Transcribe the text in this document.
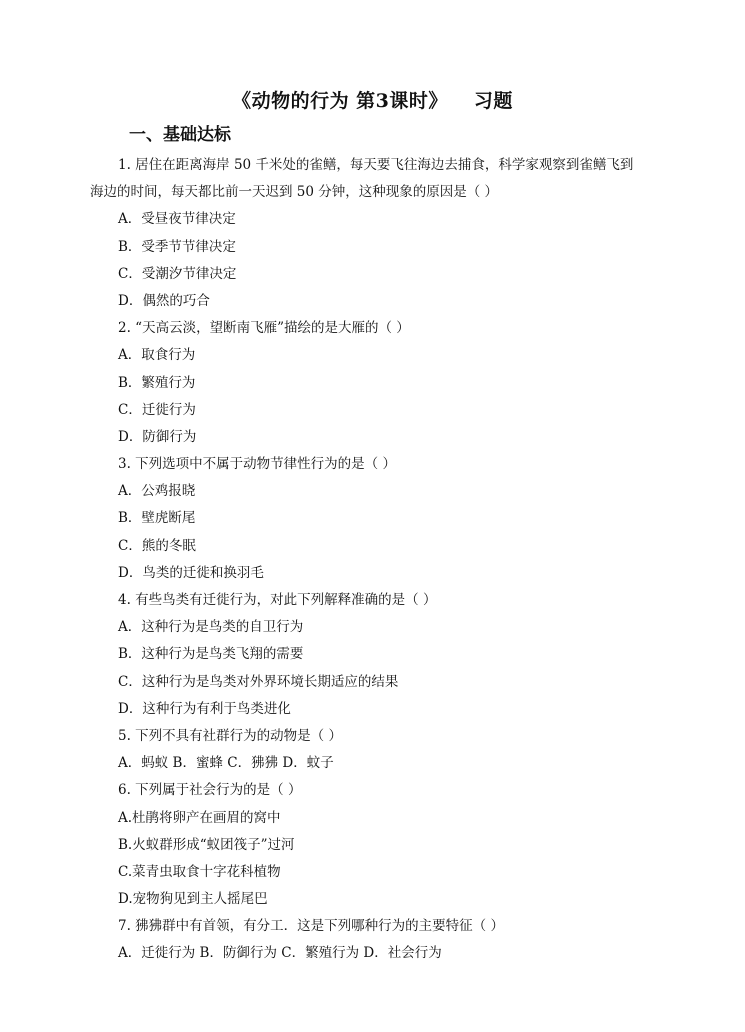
《动物的行为 第3课时》 习题
一、基础达标
1. 居住在距离海岸 50 千米处的雀鳝，每天要飞往海边去捕食，科学家观察到雀鳝飞到
海边的时间，每天都比前一天迟到 50 分钟，这种现象的原因是（ ）
A．受昼夜节律决定
B．受季节节律决定
C．受潮汐节律决定
D．偶然的巧合
2. “天高云淡，望断南飞雁”描绘的是大雁的（ ）
A．取食行为
B．繁殖行为
C．迁徙行为
D．防御行为
3. 下列选项中不属于动物节律性行为的是（ ）
A．公鸡报晓
B．壁虎断尾
C．熊的冬眠
D．鸟类的迁徙和换羽毛
4. 有些鸟类有迁徙行为，对此下列解释准确的是（ ）
A．这种行为是鸟类的自卫行为
B．这种行为是鸟类飞翔的需要
C．这种行为是鸟类对外界环境长期适应的结果
D．这种行为有利于鸟类进化
5. 下列不具有社群行为的动物是（ ）
A．蚂蚁 B．蜜蜂 C．狒狒 D．蚊子
6. 下列属于社会行为的是（ ）
A.杜鹃将卵产在画眉的窝中
B.火蚁群形成“蚁团筏子”过河
C.菜青虫取食十字花科植物
D.宠物狗见到主人摇尾巴
7. 狒狒群中有首领，有分工．这是下列哪种行为的主要特征（ ）
A．迁徙行为 B．防御行为 C．繁殖行为 D．社会行为
